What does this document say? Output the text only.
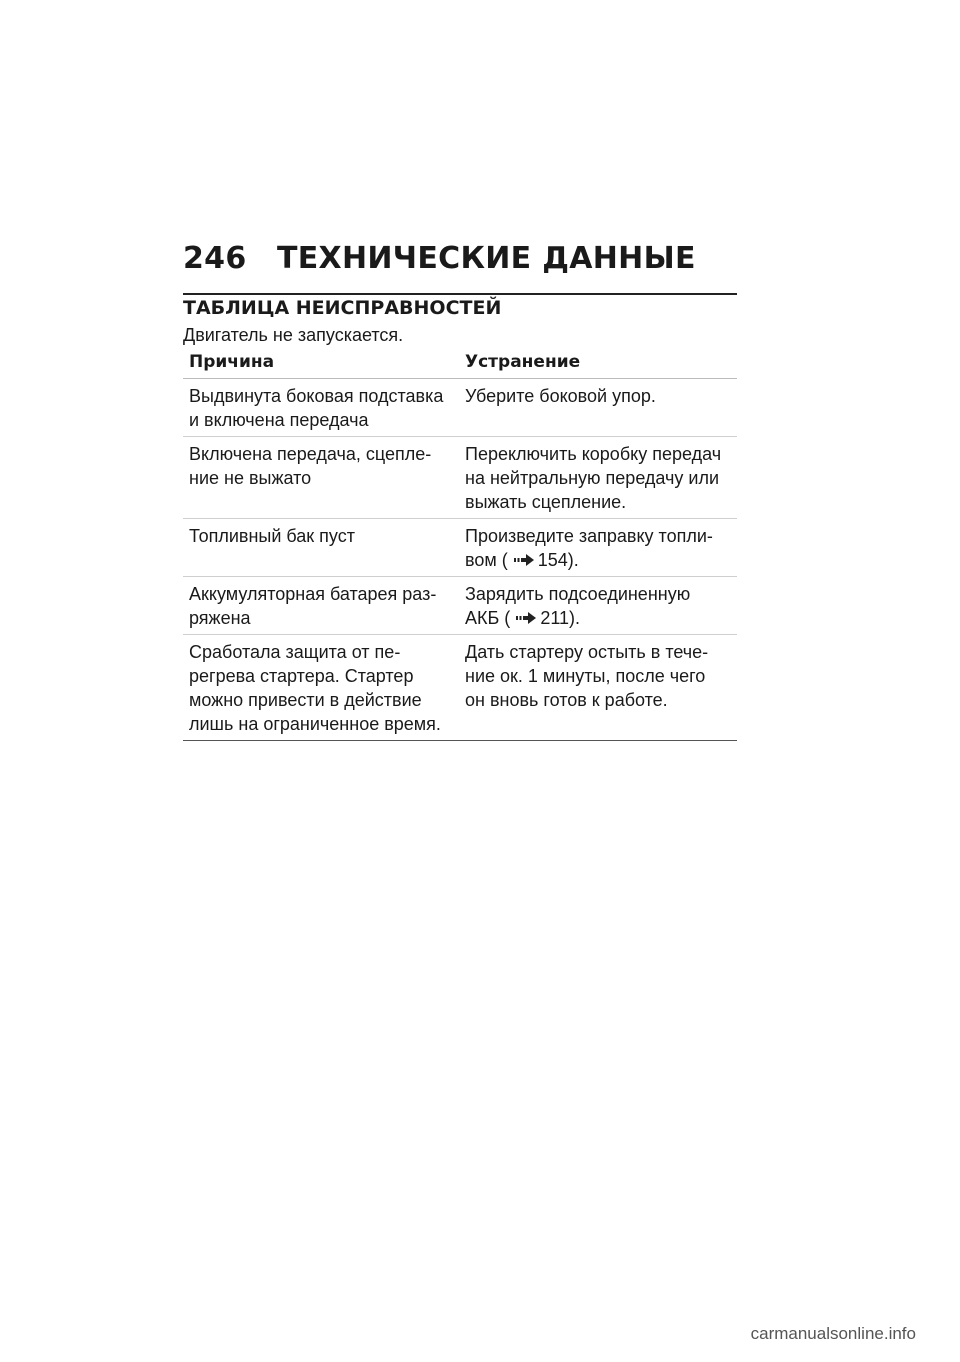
246 ТЕХНИЧЕСКИЕ ДАННЫЕ
ТАБЛИЦА НЕИСПРАВНОСТЕЙ
Двигатель не запускается.
Причина	Устранение
Выдвинута боковая подставка
и включена передача
Уберите боковой упор.
Включена передача, сцепле-
ние не выжато
Переключить коробку передач
на нейтральную передачу или
выжать сцепление.
Топливный бак пуст	Произведите заправку топли-
вом ( 154).
Аккумуляторная батарея раз-
ряжена
Зарядить подсоединенную
АКБ ( 211).
Сработала защита от пе-
регрева стартера. Стартер
можно привести в действие
лишь на ограниченное время.
Дать стартеру остыть в тече-
ние ок. 1 минуты, после чего
он вновь готов к работе.
carmanualsonline.info
